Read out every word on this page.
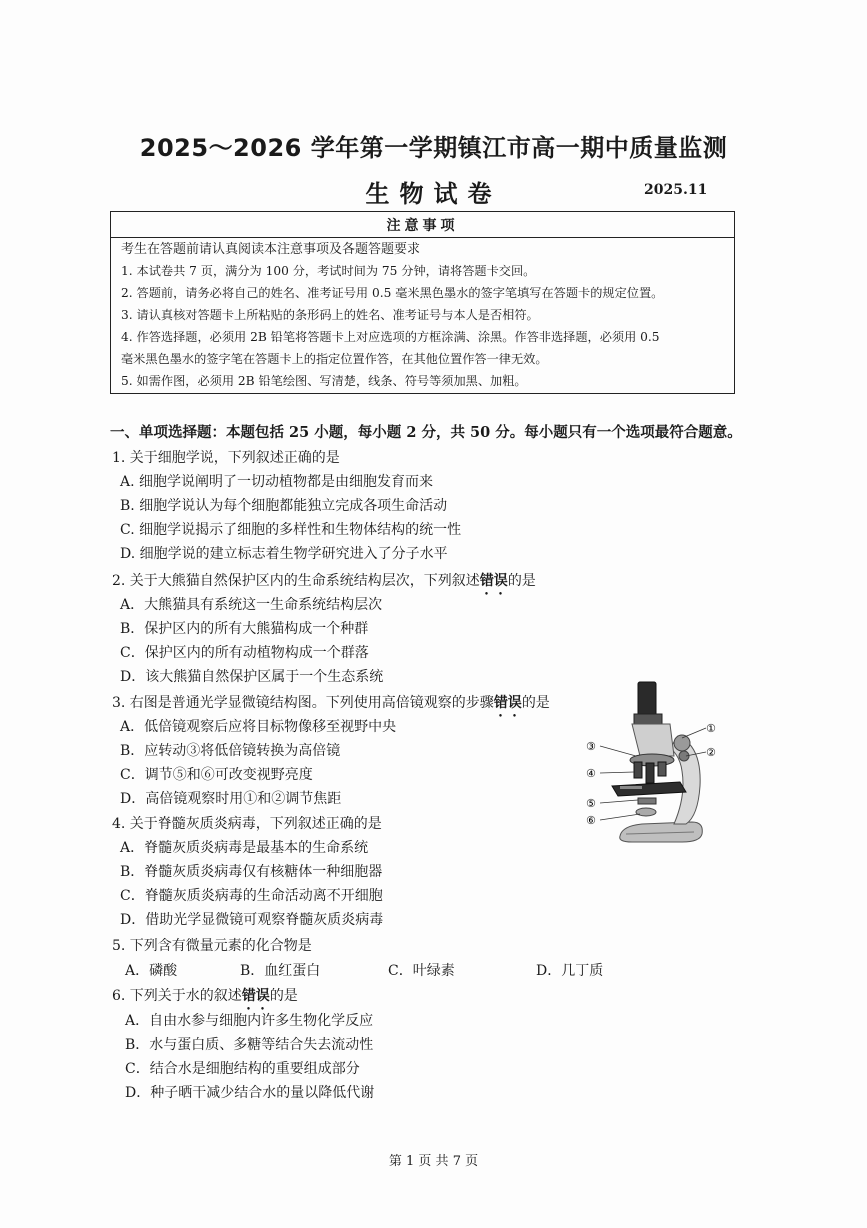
2025～2026 学年第一学期镇江市高一期中质量监测
生物试卷	2025.11
注意事项
考生在答题前请认真阅读本注意事项及各题答题要求
1. 本试卷共 7 页，满分为 100 分，考试时间为 75 分钟，请将答题卡交回。
2. 答题前，请务必将自己的姓名、准考证号用 0.5 毫米黑色墨水的签字笔填写在答题卡的规定位置。
3. 请认真核对答题卡上所粘贴的条形码上的姓名、准考证号与本人是否相符。
4. 作答选择题，必须用 2B 铅笔将答题卡上对应选项的方框涂满、涂黑。作答非选择题，必须用 0.5
毫米黑色墨水的签字笔在答题卡上的指定位置作答，在其他位置作答一律无效。
5. 如需作图，必须用 2B 铅笔绘图、写清楚，线条、符号等须加黑、加粗。
一、单项选择题：本题包括 25 小题，每小题 2 分，共 50 分。每小题只有一个选项最符合题意。
1. 关于细胞学说，下列叙述正确的是
A. 细胞学说阐明了一切动植物都是由细胞发育而来
B. 细胞学说认为每个细胞都能独立完成各项生命活动
C. 细胞学说揭示了细胞的多样性和生物体结构的统一性
D. 细胞学说的建立标志着生物学研究进入了分子水平
2. 关于大熊猫自然保护区内的生命系统结构层次，下列叙述错误的是
A．大熊猫具有系统这一生命系统结构层次
B．保护区内的所有大熊猫构成一个种群
C．保护区内的所有动植物构成一个群落
D．该大熊猫自然保护区属于一个生态系统
3. 右图是普通光学显微镜结构图。下列使用高倍镜观察的步骤错误的是
A．低倍镜观察后应将目标物像移至视野中央
B．应转动③将低倍镜转换为高倍镜
C．调节⑤和⑥可改变视野亮度
D．高倍镜观察时用①和②调节焦距
①
②
③
④
⑤
⑥
4. 关于脊髓灰质炎病毒，下列叙述正确的是
A．脊髓灰质炎病毒是最基本的生命系统
B．脊髓灰质炎病毒仅有核糖体一种细胞器
C．脊髓灰质炎病毒的生命活动离不开细胞
D．借助光学显微镜可观察脊髓灰质炎病毒
5. 下列含有微量元素的化合物是
A．磷酸	B．血红蛋白	C．叶绿素	D．几丁质
6. 下列关于水的叙述错误的是
A．自由水参与细胞内许多生物化学反应
B．水与蛋白质、多糖等结合失去流动性
C．结合水是细胞结构的重要组成部分
D．种子晒干减少结合水的量以降低代谢
第 1 页 共 7 页
